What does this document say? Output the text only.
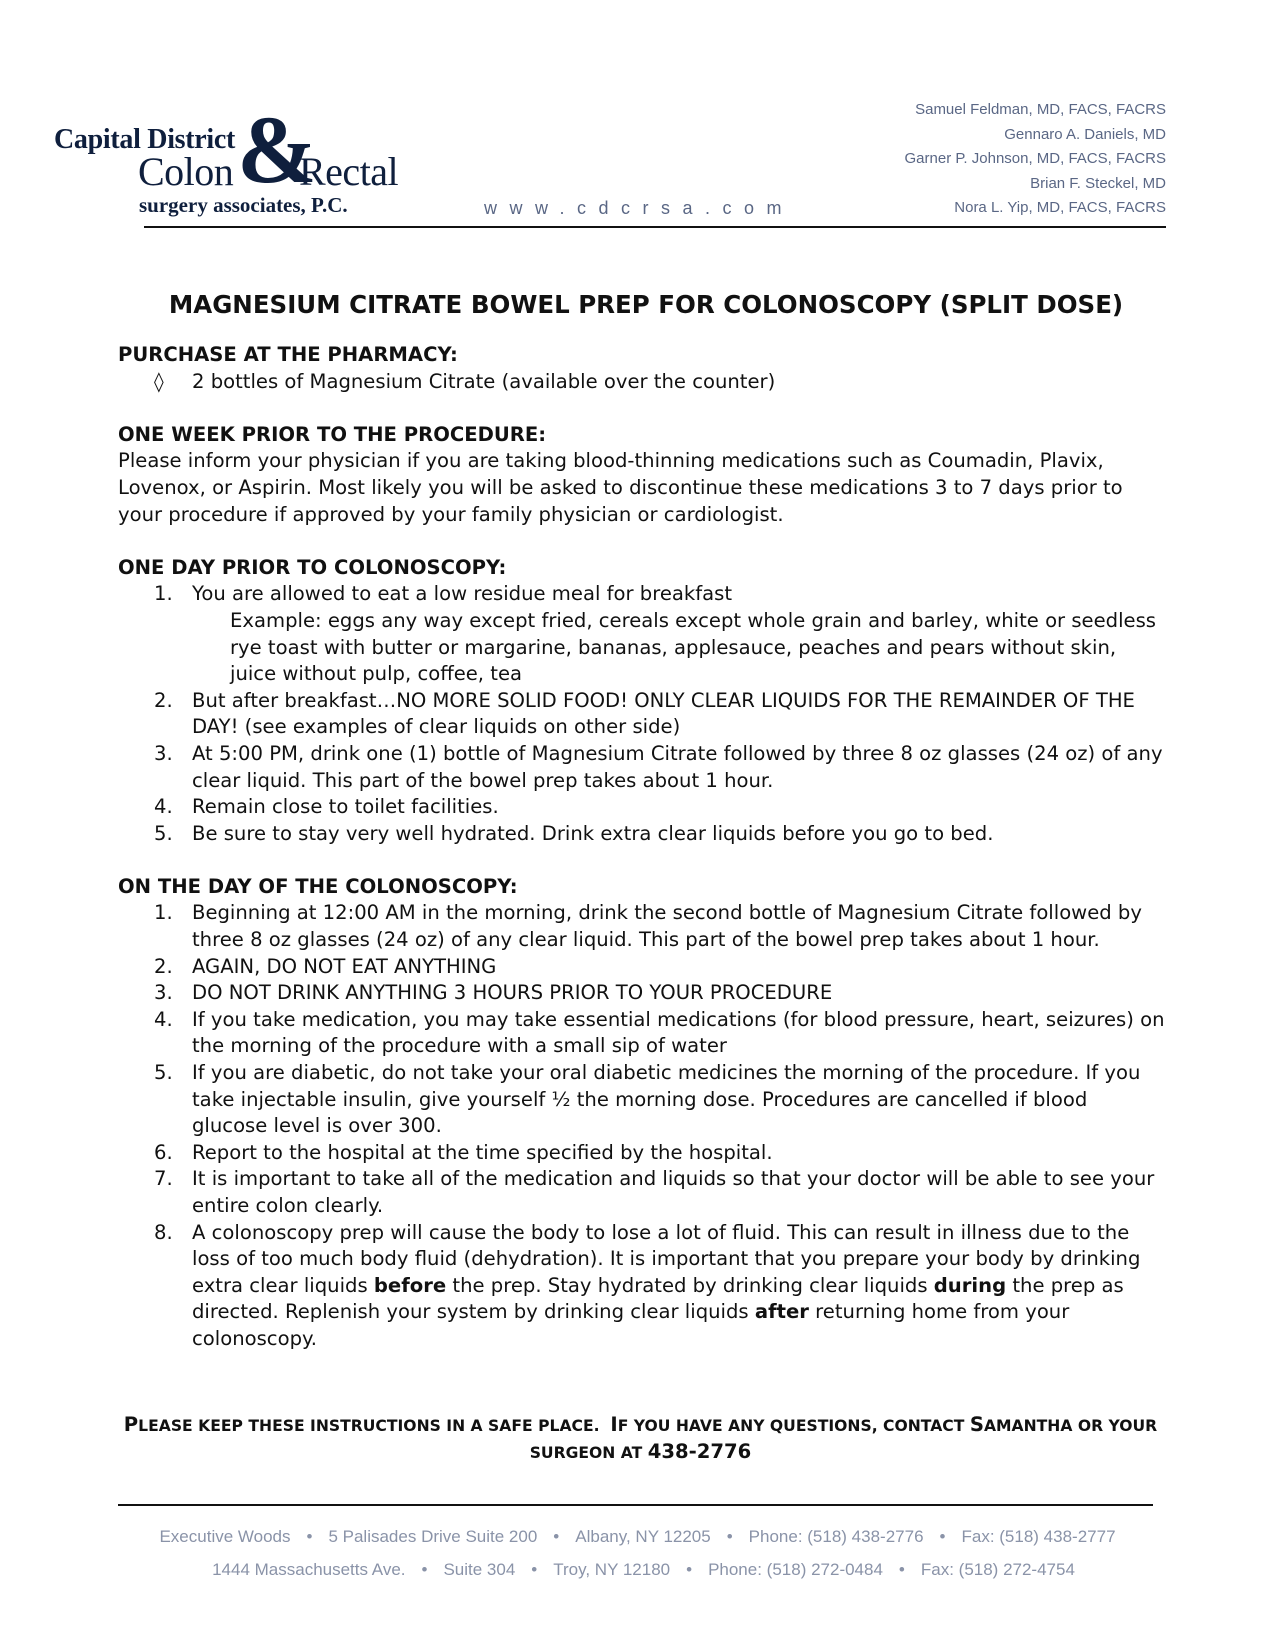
Capital District &
Colon Rectal
surgery associates, P.C.	www.cdcrsa.com
Samuel Feldman, MD, FACS, FACRS
Gennaro A. Daniels, MD
Garner P. Johnson, MD, FACS, FACRS
Brian F. Steckel, MD
Nora L. Yip, MD, FACS, FACRS
MAGNESIUM CITRATE BOWEL PREP FOR COLONOSCOPY (SPLIT DOSE)

PURCHASE AT THE PHARMACY:

◊ 2 bottles of Magnesium Citrate (available over the counter)

ONE WEEK PRIOR TO THE PROCEDURE:

Please inform your physician if you are taking blood-thinning medications such as Coumadin, Plavix, Lovenox, or Aspirin. Most likely you will be asked to discontinue these medications 3 to 7 days prior to your procedure if approved by your family physician or cardiologist.

ONE DAY PRIOR TO COLONOSCOPY:

1. You are allowed to eat a low residue meal for breakfast
Example: eggs any way except fried, cereals except whole grain and barley, white or seedless rye toast with butter or margarine, bananas, applesauce, peaches and pears without skin, juice without pulp, coffee, tea
2. But after breakfast…NO MORE SOLID FOOD! ONLY CLEAR LIQUIDS FOR THE REMAINDER OF THE DAY! (see examples of clear liquids on other side)
3. At 5:00 PM, drink one (1) bottle of Magnesium Citrate followed by three 8 oz glasses (24 oz) of any clear liquid. This part of the bowel prep takes about 1 hour.
4. Remain close to toilet facilities.
5. Be sure to stay very well hydrated. Drink extra clear liquids before you go to bed.

ON THE DAY OF THE COLONOSCOPY:

1. Beginning at 12:00 AM in the morning, drink the second bottle of Magnesium Citrate followed by three 8 oz glasses (24 oz) of any clear liquid. This part of the bowel prep takes about 1 hour.
2. AGAIN, DO NOT EAT ANYTHING
3. DO NOT DRINK ANYTHING 3 HOURS PRIOR TO YOUR PROCEDURE
4. If you take medication, you may take essential medications (for blood pressure, heart, seizures) on the morning of the procedure with a small sip of water
5. If you are diabetic, do not take your oral diabetic medicines the morning of the procedure. If you take injectable insulin, give yourself ½ the morning dose. Procedures are cancelled if blood glucose level is over 300.
6. Report to the hospital at the time specified by the hospital.
7. It is important to take all of the medication and liquids so that your doctor will be able to see your entire colon clearly.
8. A colonoscopy prep will cause the body to lose a lot of fluid. This can result in illness due to the loss of too much body fluid (dehydration). It is important that you prepare your body by drinking extra clear liquids before the prep. Stay hydrated by drinking clear liquids during the prep as directed. Replenish your system by drinking clear liquids after returning home from your colonoscopy.
PLEASE KEEP THESE INSTRUCTIONS IN A SAFE PLACE. IF YOU HAVE ANY QUESTIONS, CONTACT SAMANTHA OR YOUR SURGEON AT 438-2776
Executive Woods • 5 Palisades Drive Suite 200 • Albany, NY 12205 • Phone: (518) 438-2776 • Fax: (518) 438-2777
1444 Massachusetts Ave. • Suite 304 • Troy, NY 12180 • Phone: (518) 272-0484 • Fax: (518) 272-4754
